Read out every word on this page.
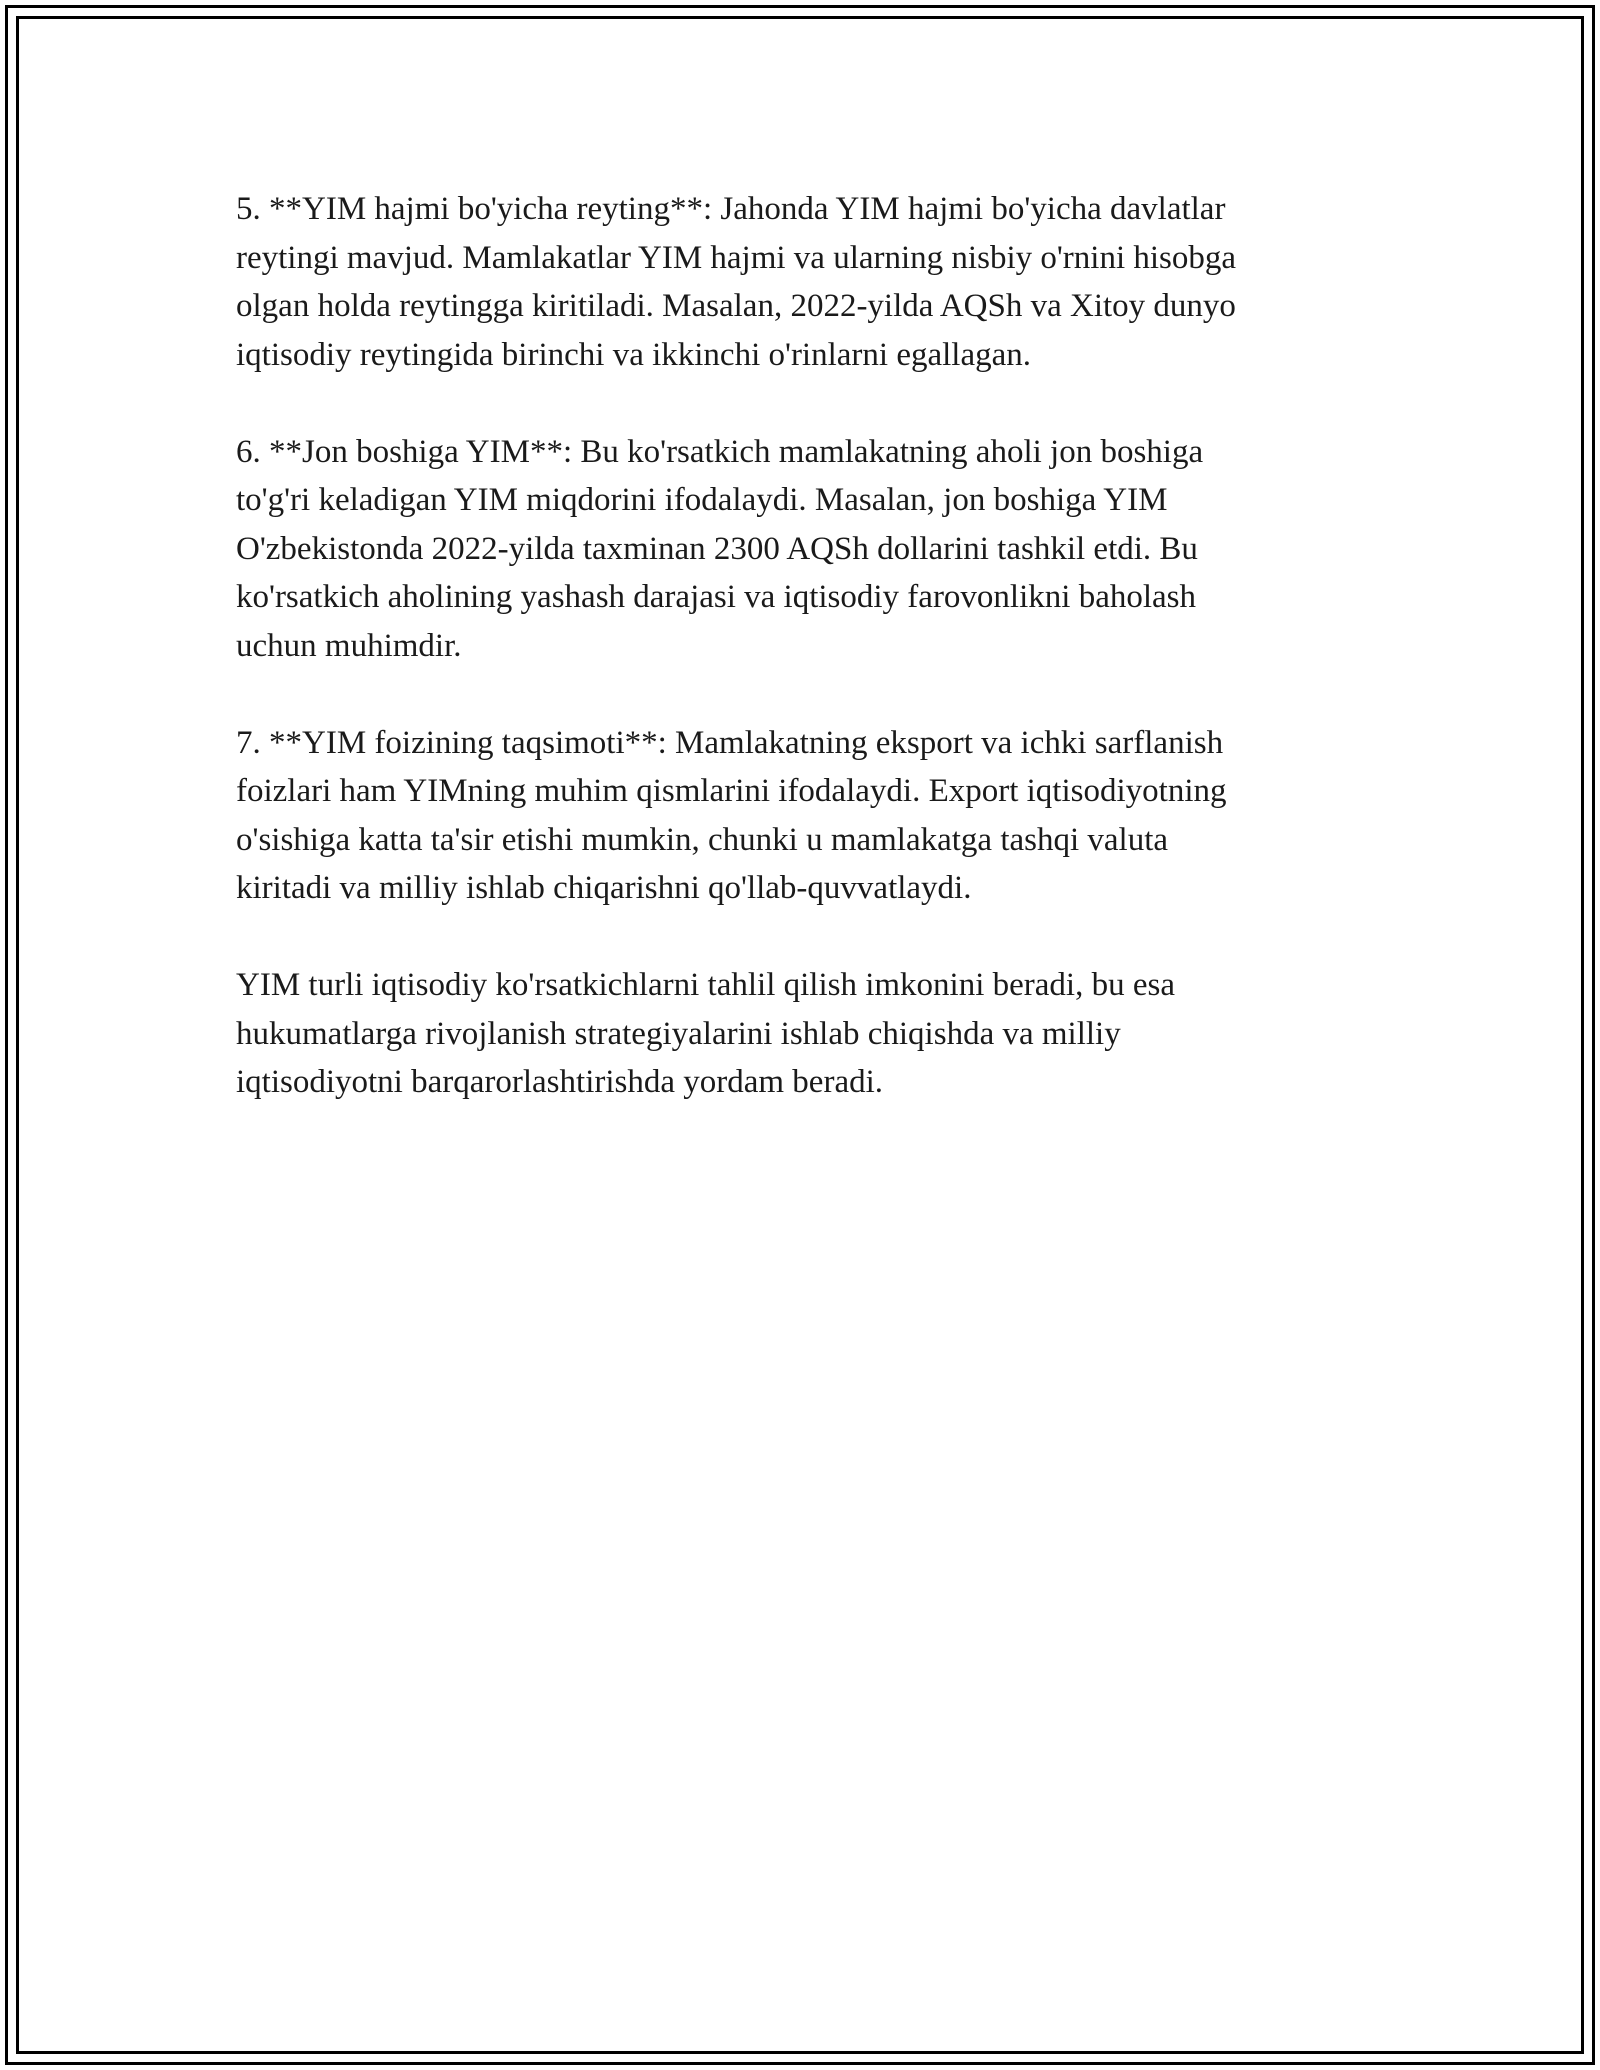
5. **YIM hajmi bo'yicha reyting**: Jahonda YIM hajmi bo'yicha davlatlar
reytingi mavjud. Mamlakatlar YIM hajmi va ularning nisbiy o'rnini hisobga
olgan holda reytingga kiritiladi. Masalan, 2022-yilda AQSh va Xitoy dunyo
iqtisodiy reytingida birinchi va ikkinchi o'rinlarni egallagan.

6. **Jon boshiga YIM**: Bu ko'rsatkich mamlakatning aholi jon boshiga
to'g'ri keladigan YIM miqdorini ifodalaydi. Masalan, jon boshiga YIM
O'zbekistonda 2022-yilda taxminan 2300 AQSh dollarini tashkil etdi. Bu
ko'rsatkich aholining yashash darajasi va iqtisodiy farovonlikni baholash
uchun muhimdir.

7. **YIM foizining taqsimoti**: Mamlakatning eksport va ichki sarflanish
foizlari ham YIMning muhim qismlarini ifodalaydi. Export iqtisodiyotning
o'sishiga katta ta'sir etishi mumkin, chunki u mamlakatga tashqi valuta
kiritadi va milliy ishlab chiqarishni qo'llab-quvvatlaydi.

YIM turli iqtisodiy ko'rsatkichlarni tahlil qilish imkonini beradi, bu esa
hukumatlarga rivojlanish strategiyalarini ishlab chiqishda va milliy
iqtisodiyotni barqarorlashtirishda yordam beradi.
